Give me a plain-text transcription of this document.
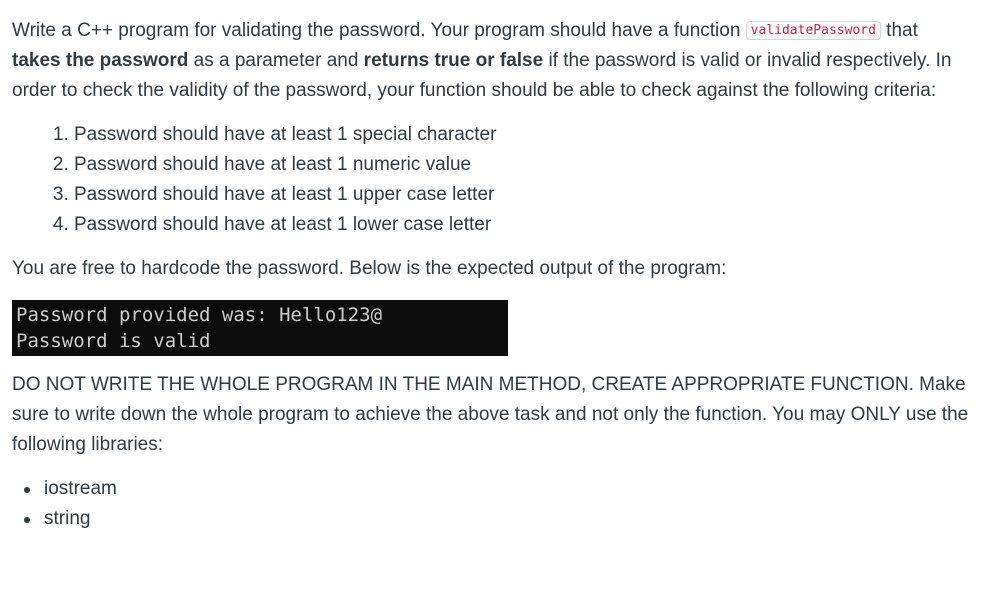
Write a C++ program for validating the password. Your program should have a function validatePassword that takes the password as a parameter and returns true or false if the password is valid or invalid respectively. In order to check the validity of the password, your function should be able to check against the following criteria:

1. Password should have at least 1 special character
2. Password should have at least 1 numeric value
3. Password should have at least 1 upper case letter
4. Password should have at least 1 lower case letter

You are free to hardcode the password. Below is the expected output of the program:

Password provided was: Hello123@
Password is valid

DO NOT WRITE THE WHOLE PROGRAM IN THE MAIN METHOD, CREATE APPROPRIATE FUNCTION. Make sure to write down the whole program to achieve the above task and not only the function. You may ONLY use the following libraries:

iostream
string
